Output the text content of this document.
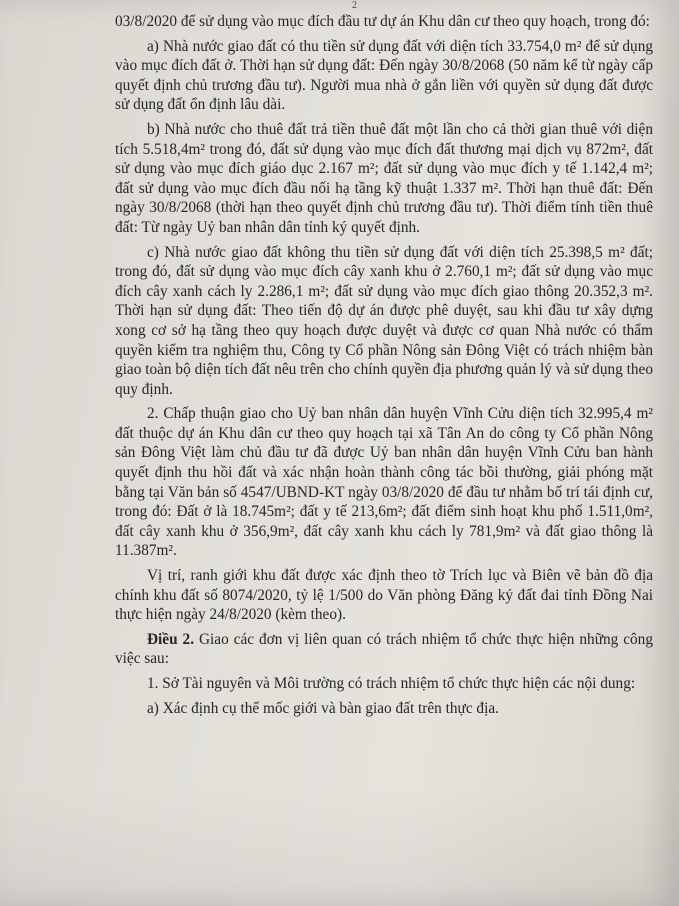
2

03/8/2020 để sử dụng vào mục đích đầu tư dự án Khu dân cư theo quy hoạch, trong đó:

a) Nhà nước giao đất có thu tiền sử dụng đất với diện tích 33.754,0 m² để sử dụng vào mục đích đất ở. Thời hạn sử dụng đất: Đến ngày 30/8/2068 (50 năm kể từ ngày cấp quyết định chủ trương đầu tư). Người mua nhà ở gắn liền với quyền sử dụng đất được sử dụng đất ổn định lâu dài.

b) Nhà nước cho thuê đất trả tiền thuê đất một lần cho cả thời gian thuê với diện tích 5.518,4m² trong đó, đất sử dụng vào mục đích đất thương mại dịch vụ 872m², đất sử dụng vào mục đích giáo dục 2.167 m²; đất sử dụng vào mục đích y tế 1.142,4 m²; đất sử dụng vào mục đích đầu nối hạ tầng kỹ thuật 1.337 m². Thời hạn thuê đất: Đến ngày 30/8/2068 (thời hạn theo quyết định chủ trương đầu tư). Thời điểm tính tiền thuê đất: Từ ngày Uỷ ban nhân dân tỉnh ký quyết định.

c) Nhà nước giao đất không thu tiền sử dụng đất với diện tích 25.398,5 m² đất; trong đó, đất sử dụng vào mục đích cây xanh khu ở 2.760,1 m²; đất sử dụng vào mục đích cây xanh cách ly 2.286,1 m²; đất sử dụng vào mục đích giao thông 20.352,3 m². Thời hạn sử dụng đất: Theo tiến độ dự án được phê duyệt, sau khi đầu tư xây dựng xong cơ sở hạ tầng theo quy hoạch được duyệt và được cơ quan Nhà nước có thẩm quyền kiểm tra nghiệm thu, Công ty Cổ phần Nông sản Đông Việt có trách nhiệm bàn giao toàn bộ diện tích đất nêu trên cho chính quyền địa phương quản lý và sử dụng theo quy định.

2. Chấp thuận giao cho Uỷ ban nhân dân huyện Vĩnh Cửu diện tích 32.995,4 m² đất thuộc dự án Khu dân cư theo quy hoạch tại xã Tân An do công ty Cổ phần Nông sản Đông Việt làm chủ đầu tư đã được Uỷ ban nhân dân huyện Vĩnh Cửu ban hành quyết định thu hồi đất và xác nhận hoàn thành công tác bồi thường, giải phóng mặt bằng tại Văn bản số 4547/UBND-KT ngày 03/8/2020 để đầu tư nhằm bố trí tái định cư, trong đó: Đất ở là 18.745m²; đất y tế 213,6m²; đất điểm sinh hoạt khu phố 1.511,0m², đất cây xanh khu ở 356,9m², đất cây xanh khu cách ly 781,9m² và đất giao thông là 11.387m².

Vị trí, ranh giới khu đất được xác định theo tờ Trích lục và Biên vẽ bản đồ địa chính khu đất số 8074/2020, tỷ lệ 1/500 do Văn phòng Đăng ký đất đai tỉnh Đồng Nai thực hiện ngày 24/8/2020 (kèm theo).

Điều 2. Giao các đơn vị liên quan có trách nhiệm tổ chức thực hiện những công việc sau:

1. Sở Tài nguyên và Môi trường có trách nhiệm tổ chức thực hiện các nội dung:

a) Xác định cụ thể mốc giới và bàn giao đất trên thực địa.
